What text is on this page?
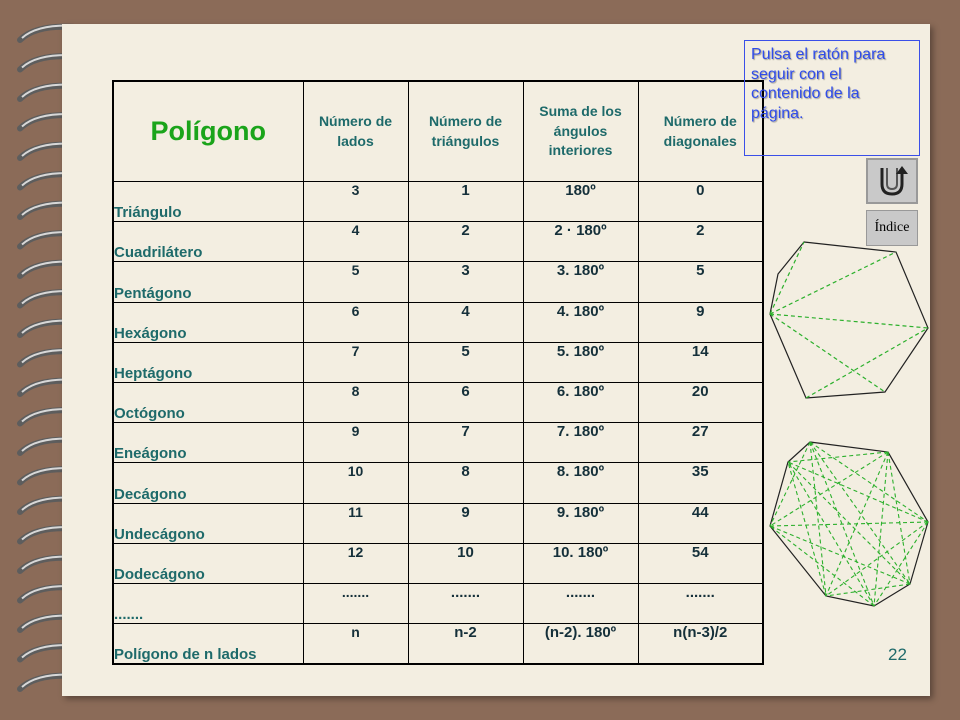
Polígono	Número de lados	Número de triángulos	Suma de los ángulos interiores	Número de diagonales
Triángulo	3	1	180º	0
Cuadrilátero	4	2	2 · 180º	2
Pentágono	5	3	3. 180º	5
Hexágono	6	4	4. 180º	9
Heptágono	7	5	5. 180º	14
Octógono	8	6	6. 180º	20
Eneágono	9	7	7. 180º	27
Decágono	10	8	8. 180º	35
Undecágono	11	9	9. 180º	44
Dodecágono	12	10	10. 180º	54
.......	.......	.......	.......	.......
Polígono de n lados	n	n-2	(n-2). 180º	n(n-3)/2
Pulsa el ratón para seguir con el contenido de la página.
Índice
22
